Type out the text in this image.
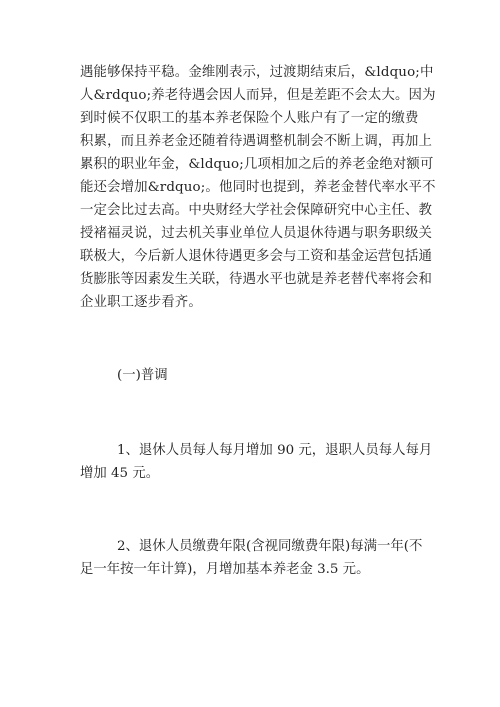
遇能够保持平稳。金维刚表示，过渡期结束后，&ldquo;中
人&rdquo;养老待遇会因人而异，但是差距不会太大。因为
到时候不仅职工的基本养老保险个人账户有了一定的缴费
积累，而且养老金还随着待遇调整机制会不断上调，再加上
累积的职业年金，&ldquo;几项相加之后的养老金绝对额可
能还会增加&rdquo;。他同时也提到，养老金替代率水平不
一定会比过去高。中央财经大学社会保障研究中心主任、教
授褚福灵说，过去机关事业单位人员退休待遇与职务职级关
联极大，今后新人退休待遇更多会与工资和基金运营包括通
货膨胀等因素发生关联，待遇水平也就是养老替代率将会和
企业职工逐步看齐。
(一)普调
1、退休人员每人每月增加 90 元，退职人员每人每月
增加 45 元。
2、退休人员缴费年限(含视同缴费年限)每满一年(不
足一年按一年计算)，月增加基本养老金 3.5 元。
